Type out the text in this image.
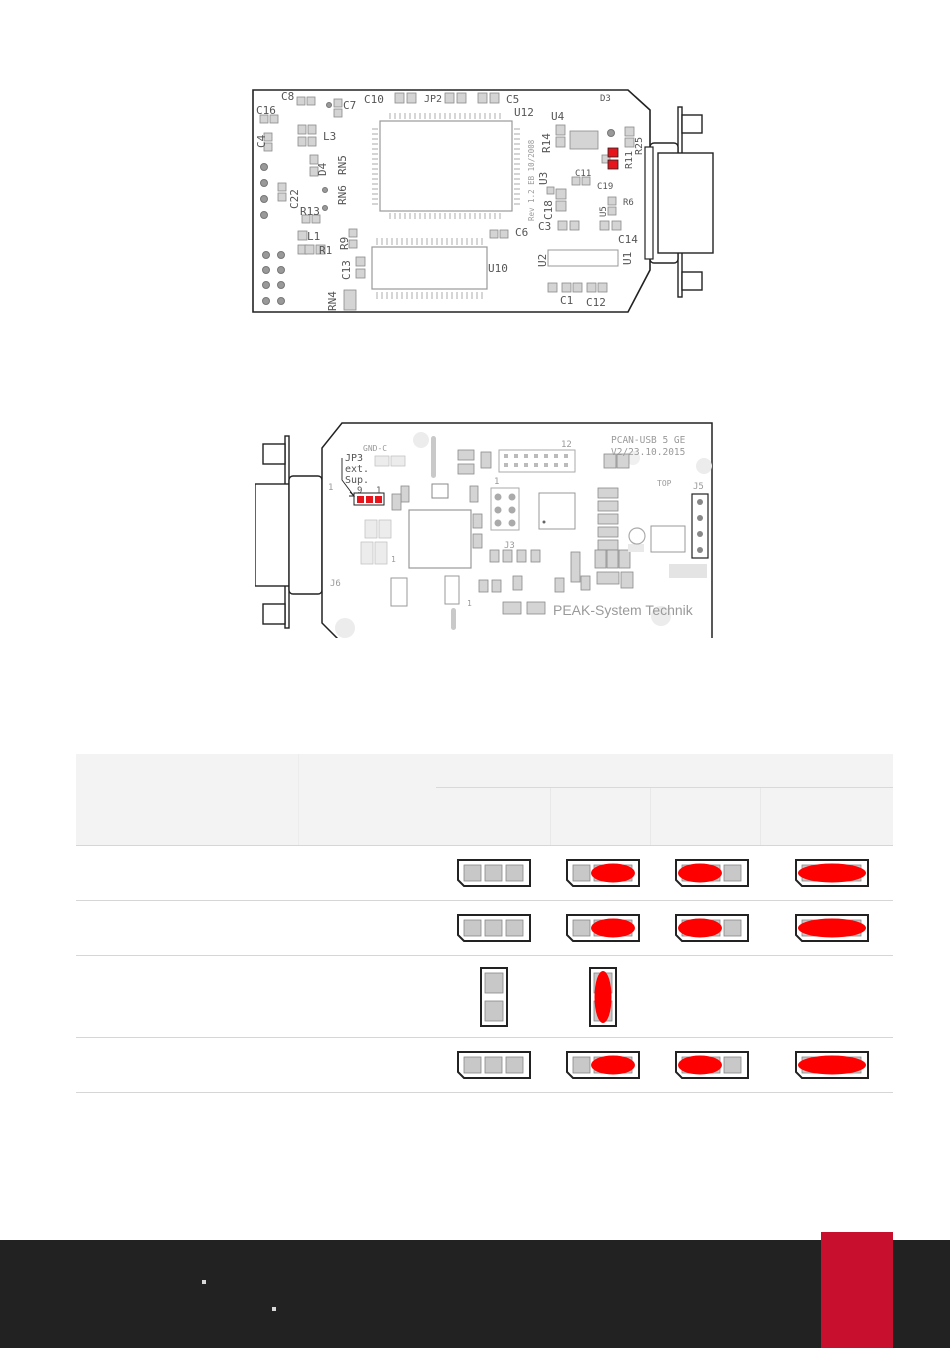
C16
C8
C7 C10	JP2	C5
U12 U4
D3
L3
C11
C19
R6
C3
C14
R13
L1
R1
C6
U10
C1 C12
C4
RN5
D4
RN6
C22
R9
C13
RN4
R14	R25
R11
U3
C18	U5
U2	U1
Rev 1.2 EB 10/2008
GND-C
JP3
ext.
Sup.
9 1
1
12
1
PCAN-USB 5 GE
V2/23.10.2015
TOP J5
J3
J6
1
1	PEAK-System Technik
